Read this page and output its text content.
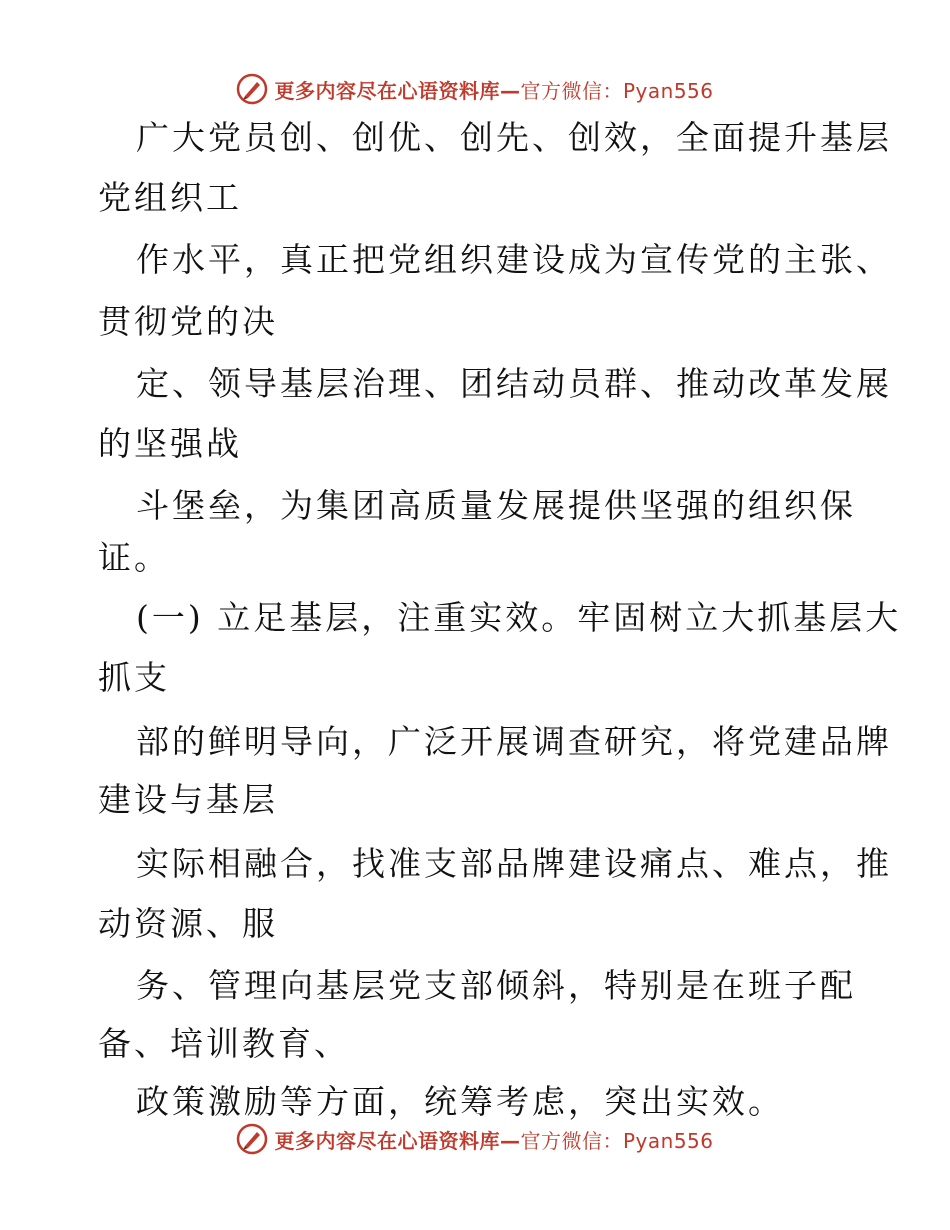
更多内容尽在心语资料库—官方微信：Pyan556
广大党员创、创优、创先、创效，全面提升基层
党组织工
作水平，真正把党组织建设成为宣传党的主张、
贯彻党的决
定、领导基层治理、团结动员群、推动改革发展
的坚强战
斗堡垒，为集团高质量发展提供坚强的组织保
证。
(一) 立足基层，注重实效。牢固树立大抓基层大
抓支
部的鲜明导向，广泛开展调查研究，将党建品牌
建设与基层
实际相融合，找准支部品牌建设痛点、难点，推
动资源、服
务、管理向基层党支部倾斜，特别是在班子配
备、培训教育、
政策激励等方面，统筹考虑，突出实效。
更多内容尽在心语资料库—官方微信：Pyan556
